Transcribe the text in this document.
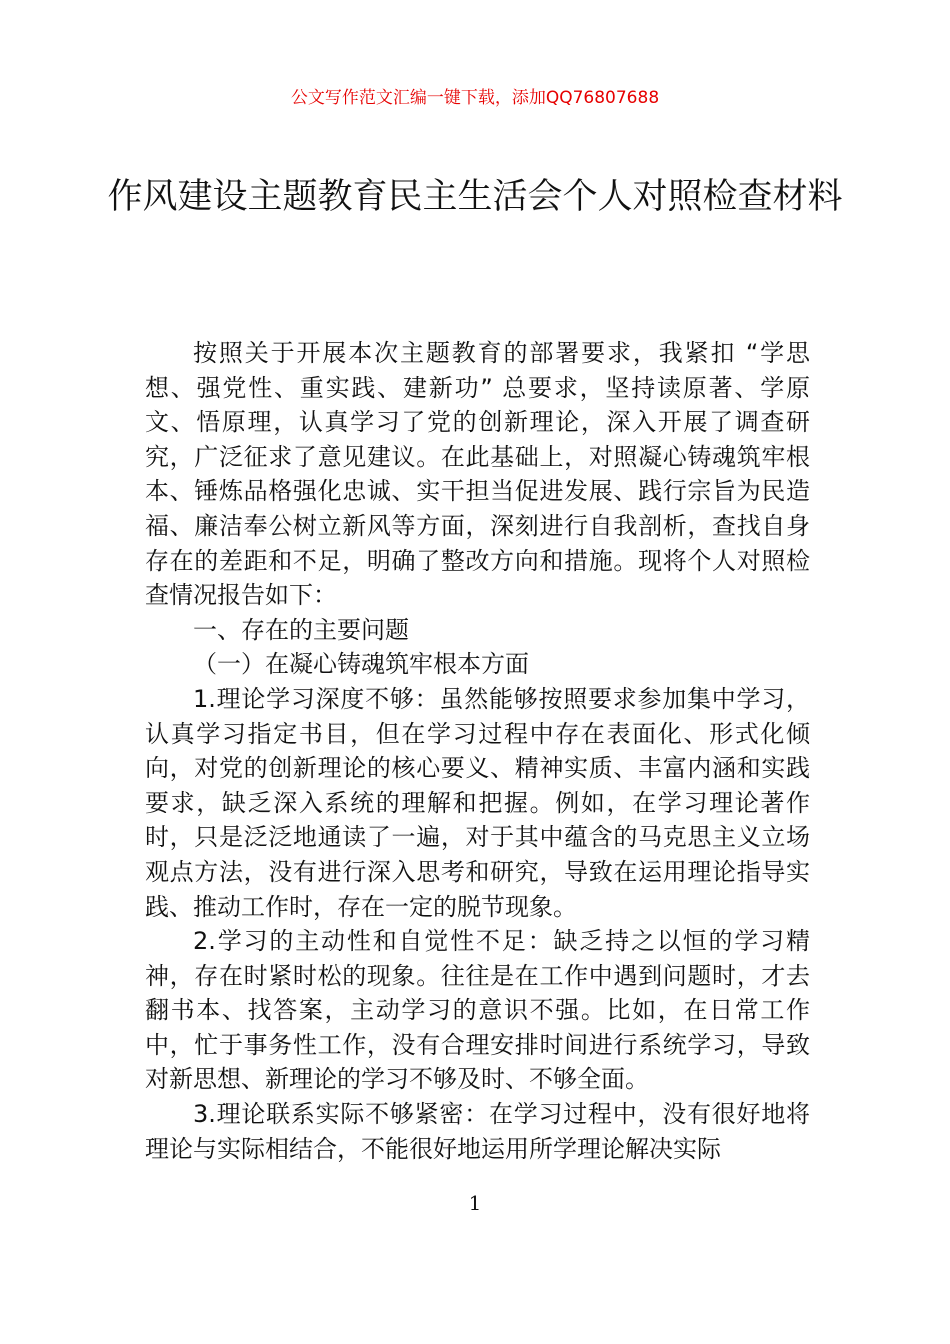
公文写作范文汇编一键下载，添加QQ76807688
作风建设主题教育民主生活会个人对照检查材料

按照关于开展本次主题教育的部署要求，我紧扣 “学思想、强党性、重实践、建新功” 总要求，坚持读原著、学原文、悟原理，认真学习了党的创新理论，深入开展了调查研究，广泛征求了意见建议。在此基础上，对照凝心铸魂筑牢根本、锤炼品格强化忠诚、实干担当促进发展、践行宗旨为民造福、廉洁奉公树立新风等方面，深刻进行自我剖析，查找自身存在的差距和不足，明确了整改方向和措施。现将个人对照检查情况报告如下：

一、存在的主要问题

（一）在凝心铸魂筑牢根本方面

1.理论学习深度不够：虽然能够按照要求参加集中学习，认真学习指定书目，但在学习过程中存在表面化、形式化倾向，对党的创新理论的核心要义、精神实质、丰富内涵和实践要求，缺乏深入系统的理解和把握。例如，在学习理论著作时，只是泛泛地通读了一遍，对于其中蕴含的马克思主义立场观点方法，没有进行深入思考和研究，导致在运用理论指导实践、推动工作时，存在一定的脱节现象。

2.学习的主动性和自觉性不足：缺乏持之以恒的学习精神，存在时紧时松的现象。往往是在工作中遇到问题时，才去翻书本、找答案，主动学习的意识不强。比如，在日常工作中，忙于事务性工作，没有合理安排时间进行系统学习，导致对新思想、新理论的学习不够及时、不够全面。

3.理论联系实际不够紧密：在学习过程中，没有很好地将理论与实际相结合，不能很好地运用所学理论解决实际

1
